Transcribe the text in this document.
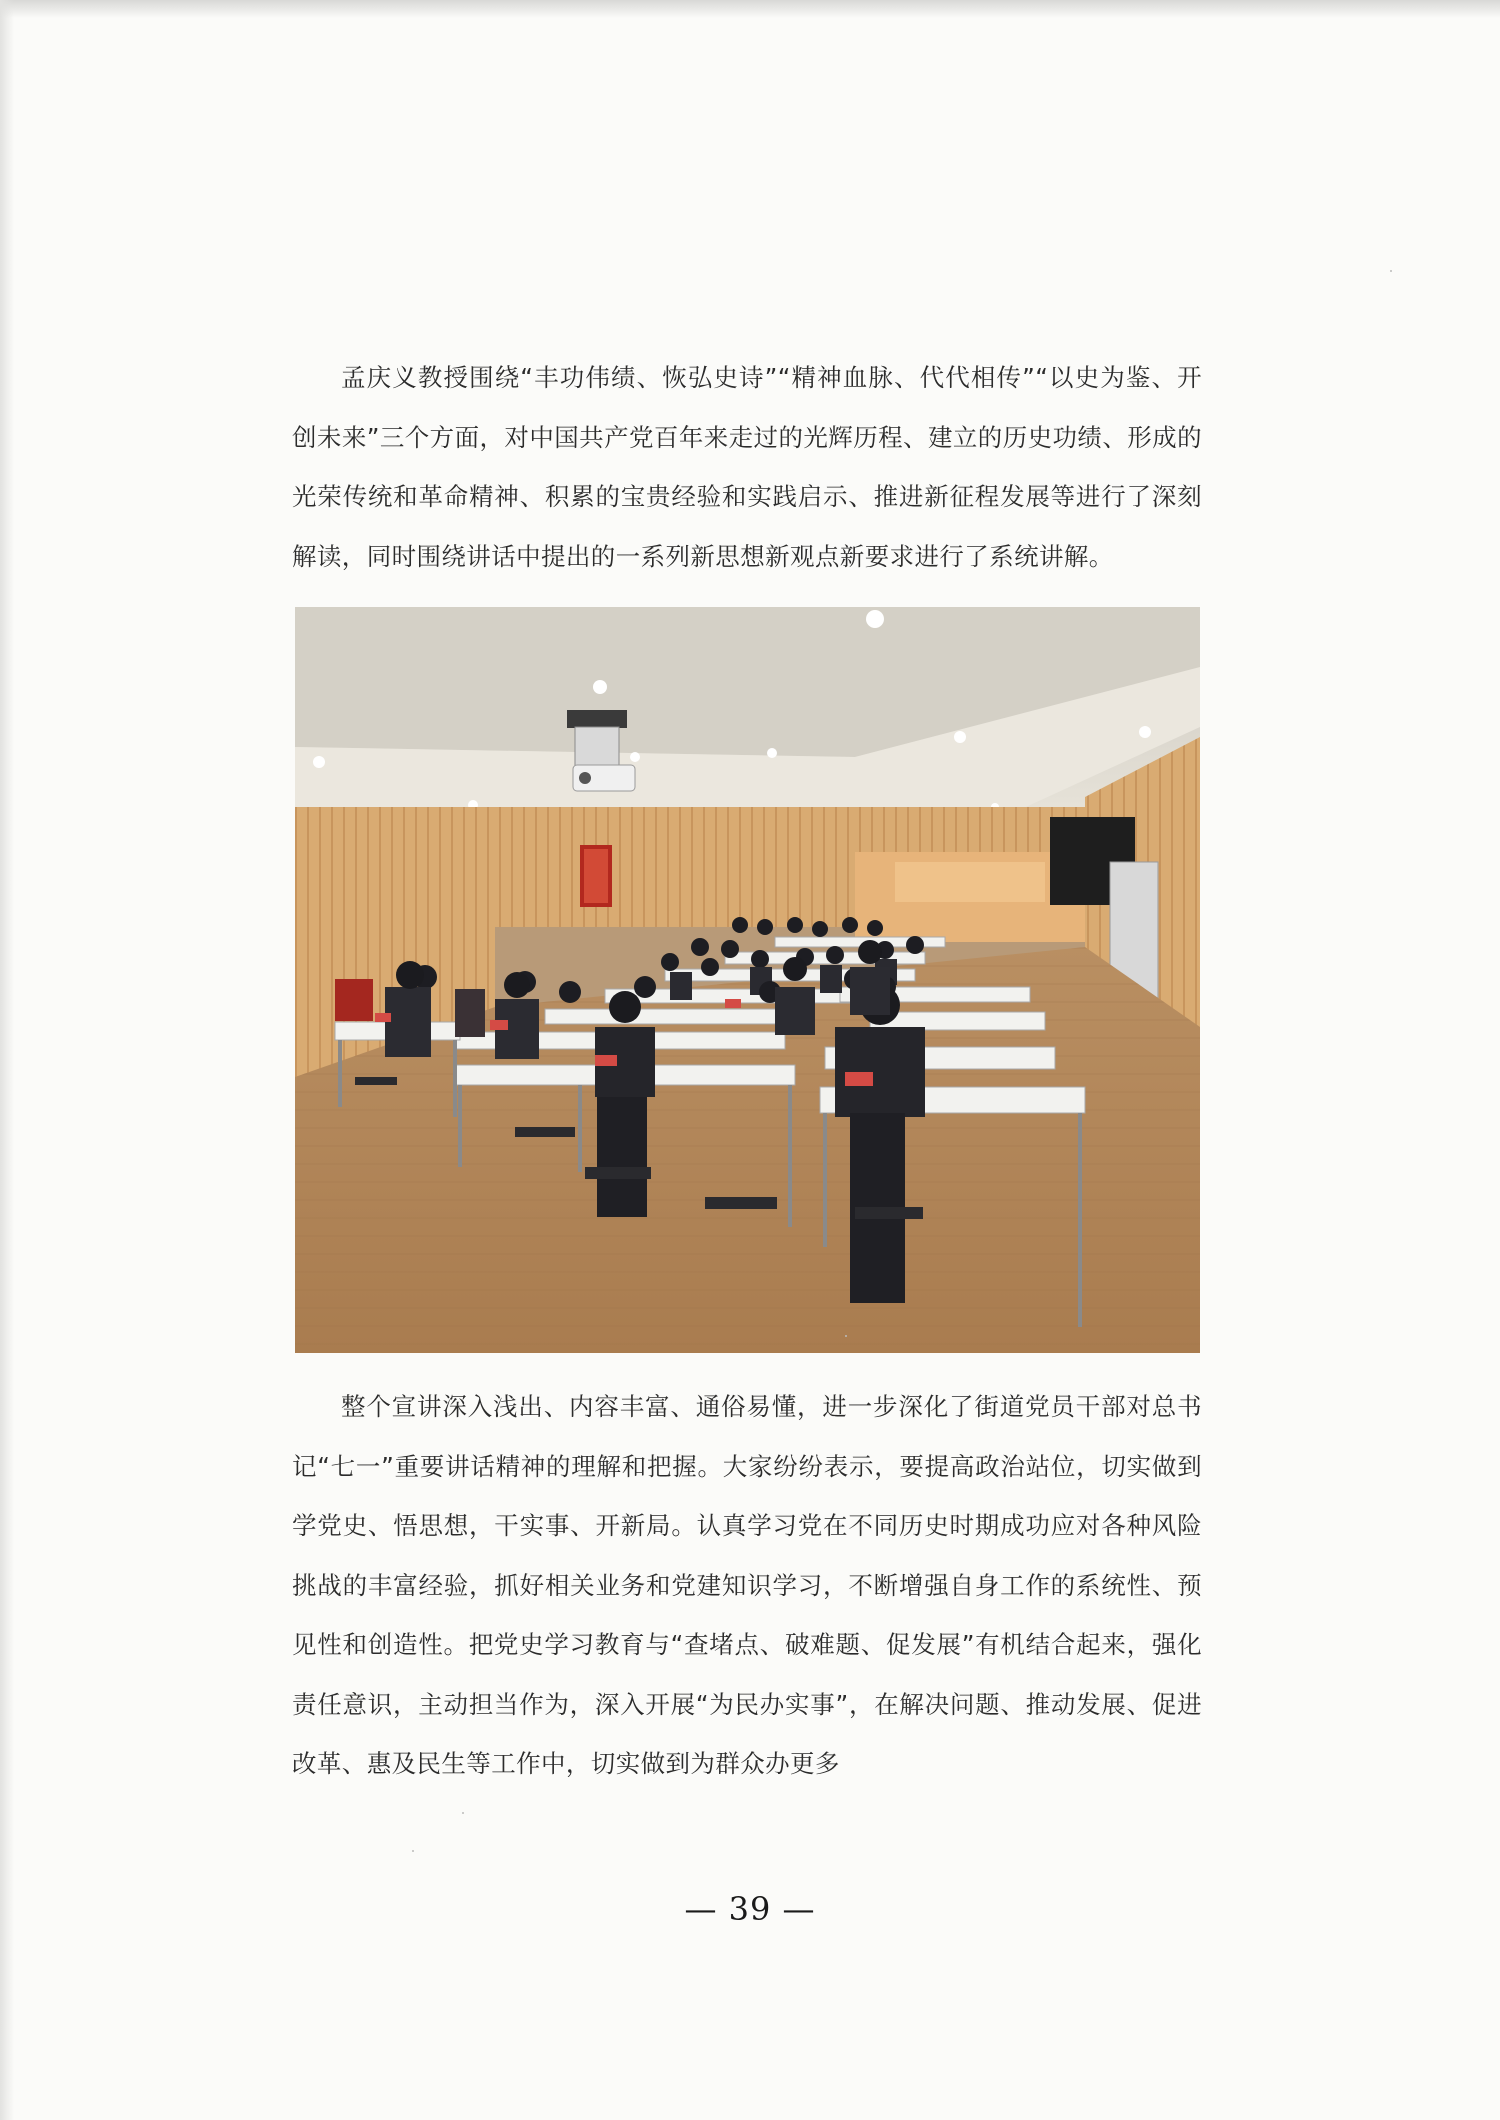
孟庆义教授围绕“丰功伟绩、恢弘史诗”“精神血脉、代代相传”“以史为鉴、开创未来”三个方面，对中国共产党百年来走过的光辉历程、建立的历史功绩、形成的光荣传统和革命精神、积累的宝贵经验和实践启示、推进新征程发展等进行了深刻解读，同时围绕讲话中提出的一系列新思想新观点新要求进行了系统讲解。

整个宣讲深入浅出、内容丰富、通俗易懂，进一步深化了街道党员干部对总书记“七一”重要讲话精神的理解和把握。大家纷纷表示，要提高政治站位，切实做到学党史、悟思想，干实事、开新局。认真学习党在不同历史时期成功应对各种风险挑战的丰富经验，抓好相关业务和党建知识学习，不断增强自身工作的系统性、预见性和创造性。把党史学习教育与“查堵点、破难题、促发展”有机结合起来，强化责任意识，主动担当作为，深入开展“为民办实事”，在解决问题、推动发展、促进改革、惠及民生等工作中，切实做到为群众办更多

— 39 —
